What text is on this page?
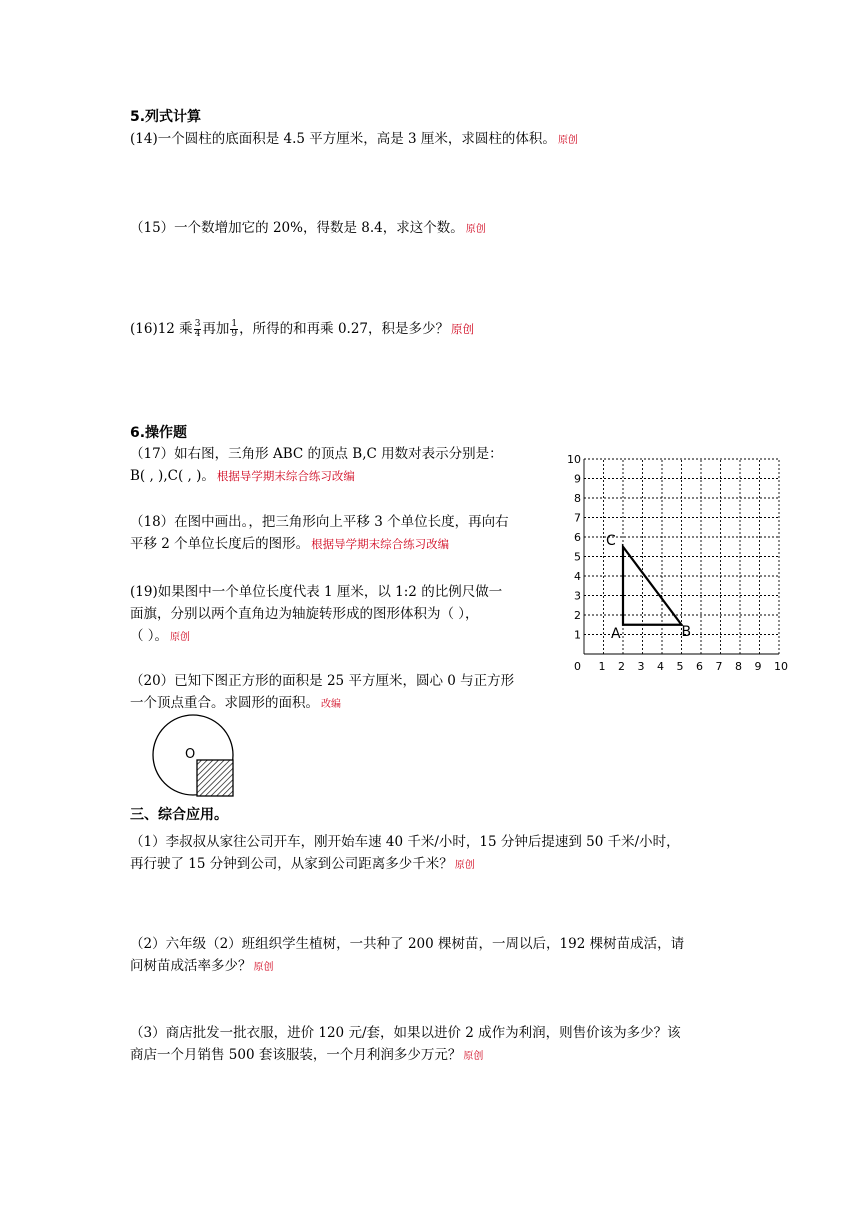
5.列式计算
(14)一个圆柱的底面积是 4.5 平方厘米，高是 3 厘米，求圆柱的体积。 原创
（15）一个数增加它的 20%，得数是 8.4，求这个数。 原创
(16)12 乘 $\frac{3}{4}$ 再加 $\frac{1}{9}$ ，所得的和再乘 0.27，积是多少？ 原创
6.操作题
（17）如右图，三角形 ABC 的顶点 B,C 用数对表示分别是：
B( , ),C( , )。 根据导学期末综合练习改编
（18）在图中画出。，把三角形向上平移 3 个单位长度，再向右
平移 2 个单位长度后的图形。 根据导学期末综合练习改编
(19)如果图中一个单位长度代表 1 厘米，以 1:2 的比例尺做一
面旗，分别以两个直角边为轴旋转形成的图形体积为（ ），
（ ）。 原创
（20）已知下图正方形的面积是 25 平方厘米，圆心 0 与正方形
一个顶点重合。求圆形的面积。 改编
10
9
8
7
6
5
4
3
2
1
0 1 2 3 4 5 6 7 8 9 10
A	B
C
O
三、综合应用。
（1）李叔叔从家往公司开车，刚开始车速 40 千米/小时，15 分钟后提速到 50 千米/小时，
再行驶了 15 分钟到公司，从家到公司距离多少千米？ 原创
（2）六年级（2）班组织学生植树，一共种了 200 棵树苗，一周以后，192 棵树苗成活，请
问树苗成活率多少？ 原创
（3）商店批发一批衣服，进价 120 元/套，如果以进价 2 成作为利润，则售价该为多少？该
商店一个月销售 500 套该服装，一个月利润多少万元？ 原创
